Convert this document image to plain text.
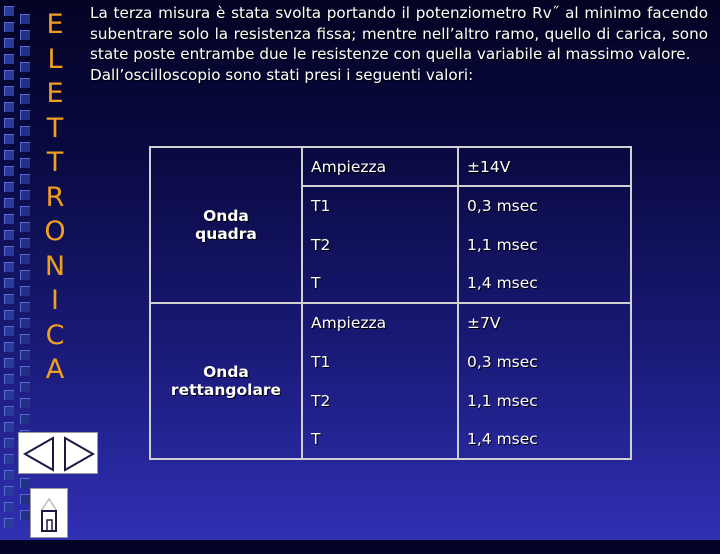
E
L
E
T
T
R
O
N
I
C
A
La terza misura è stata svolta portando il potenziometro Rv˝ al minimo facendo subentrare solo la resistenza fissa; mentre nell’altro ramo, quello di carica, sono state poste entrambe due le resistenze con quella variabile al massimo valore.
Dall’oscilloscopio sono stati presi i seguenti valori:
Onda
quadra	Ampiezza	±14V
	T1	0,3 msec
	T2	1,1 msec
	T	1,4 msec

Onda
rettangolare	Ampiezza	±7V
	T1	0,3 msec
	T2	1,1 msec
	T	1,4 msec
